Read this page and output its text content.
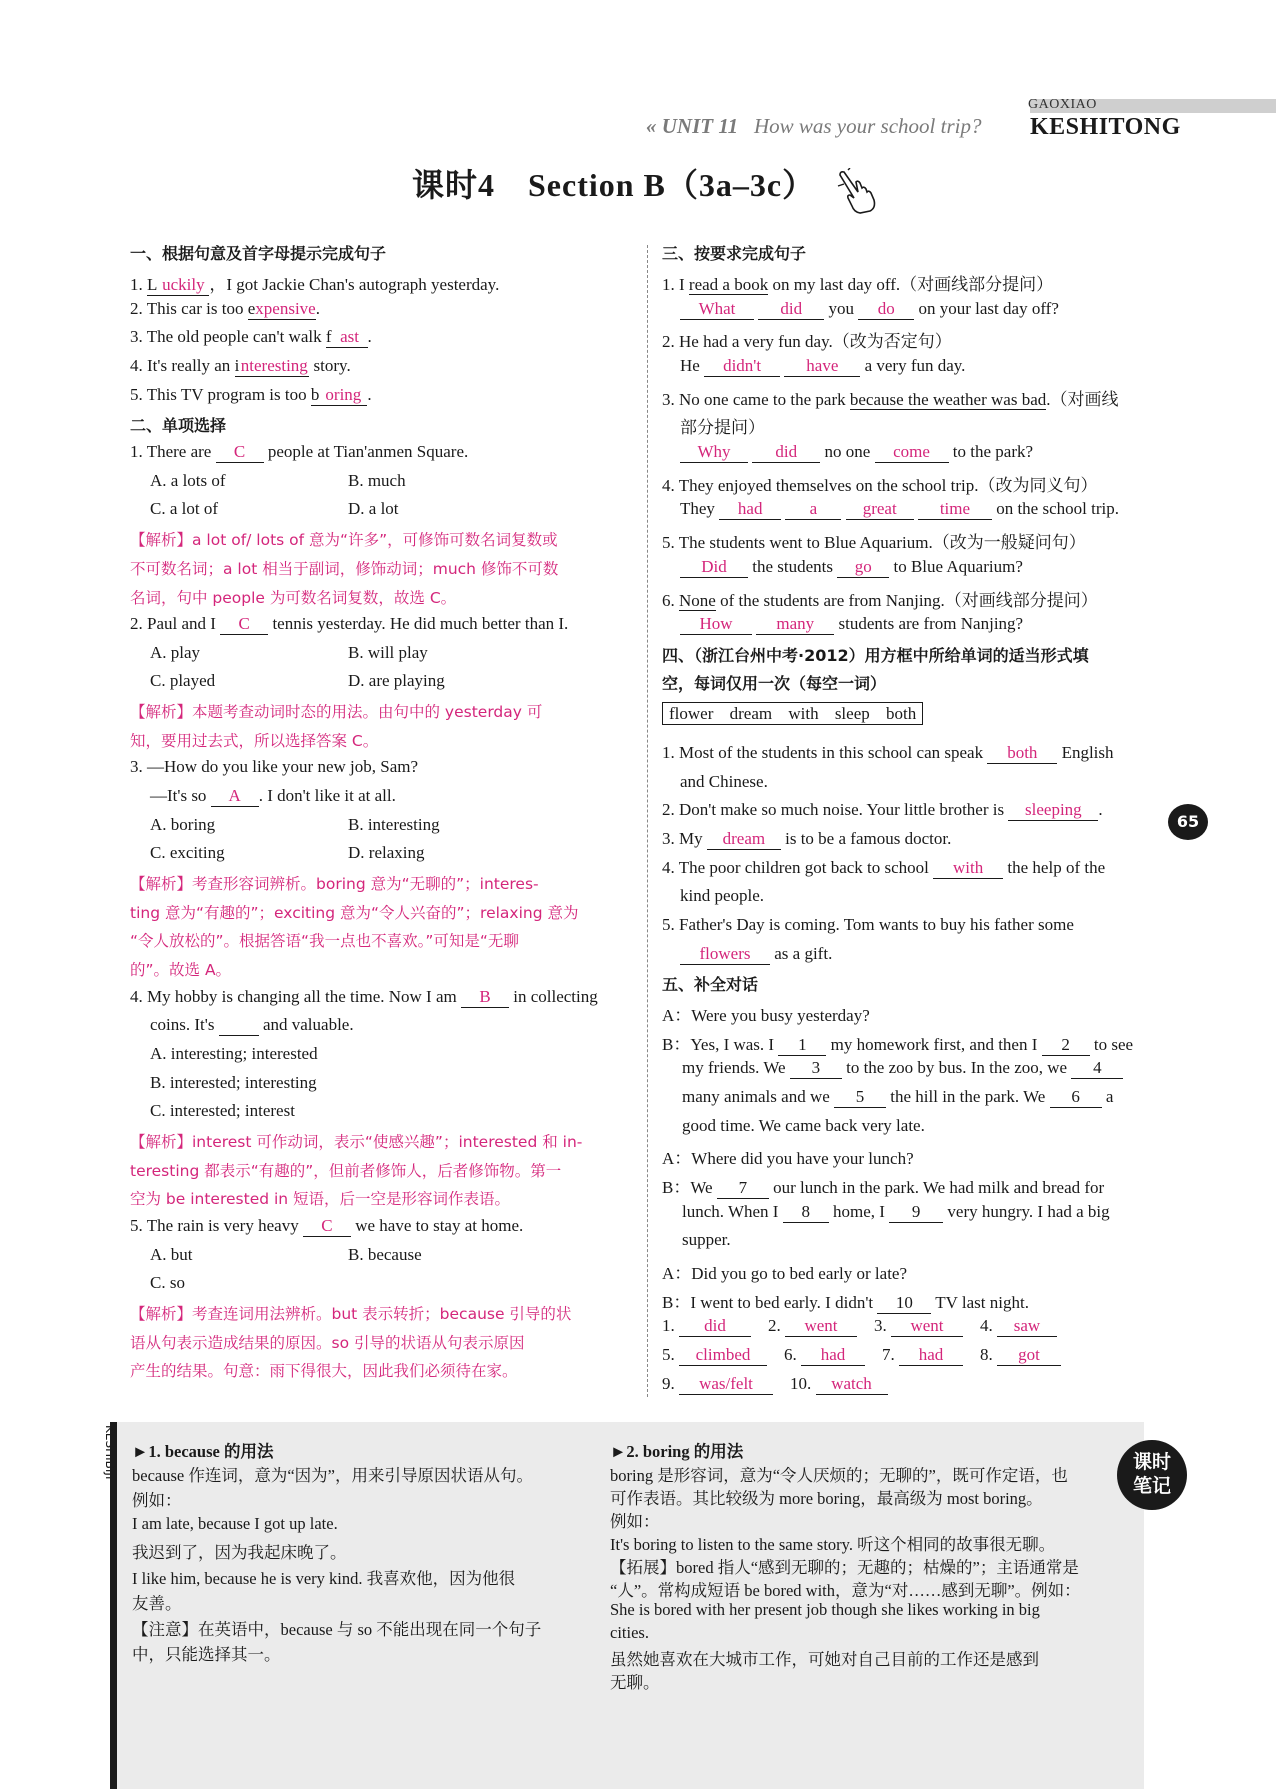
GAOXIAO
« UNIT 11 How was your school trip? KESHITONG
课时4　Section B（3a–3c）
一、根据句意及首字母提示完成句子
1. L uckily ，I got Jackie Chan's autograph yesterday.
2. This car is too expensive.
3. The old people can't walk f ast .
4. It's really an interesting story.
5. This TV program is too b oring .
二、单项选择
1. There are C people at Tian'anmen Square.
A. a lots of	B. much
C. a lot of	D. a lot
【解析】a lot of/ lots of 意为“许多”，可修饰可数名词复数或
不可数名词；a lot 相当于副词，修饰动词；much 修饰不可数
名词，句中 people 为可数名词复数，故选 C。
2. Paul and I C tennis yesterday. He did much better than I.
A. play	B. will play
C. played	D. are playing
【解析】本题考查动词时态的用法。由句中的 yesterday 可
知，要用过去式，所以选择答案 C。
3. —How do you like your new job, Sam?
—It's so A . I don't like it at all.
A. boring	B. interesting
C. exciting	D. relaxing
【解析】考查形容词辨析。boring 意为“无聊的”；interes-
ting 意为“有趣的”；exciting 意为“令人兴奋的”；relaxing 意为
“令人放松的”。根据答语“我一点也不喜欢。”可知是“无聊
的”。故选 A。
4. My hobby is changing all the time. Now I am B in collecting
coins. It's   and valuable.
A. interesting; interested
B. interested; interesting
C. interested; interest
【解析】interest 可作动词，表示“使感兴趣”；interested 和 in-
teresting 都表示“有趣的”，但前者修饰人，后者修饰物。第一
空为 be interested in 短语，后一空是形容词作表语。
5. The rain is very heavy C we have to stay at home.
A. but	B. because
C. so
【解析】考查连词用法辨析。but 表示转折；because 引导的状
语从句表示造成结果的原因。so 引导的状语从句表示原因
产生的结果。句意：雨下得很大，因此我们必须待在家。
三、按要求完成句子
1. I read a book on my last day off.（对画线部分提问）
What	did you do on your last day off?
2. He had a very fun day.（改为否定句）
He didn't	have a very fun day.
3. No one came to the park because the weather was bad.（对画线
部分提问）
Why	did no one come to the park?
4. They enjoyed themselves on the school trip.（改为同义句）
They had	a	great	time on the school trip.
5. The students went to Blue Aquarium.（改为一般疑问句）
Did the students go to Blue Aquarium?
6. None of the students are from Nanjing.（对画线部分提问）
How	many students are from Nanjing?
四、（浙江台州中考·2012）用方框中所给单词的适当形式填
空，每词仅用一次（每空一词）
flower dream with sleep both
1. Most of the students in this school can speak both English
and Chinese.
2. Don't make so much noise. Your little brother is sleeping .
3. My dream is to be a famous doctor.
4. The poor children got back to school with the help of the
kind people.
5. Father's Day is coming. Tom wants to buy his father some
flowers as a gift.
五、补全对话
A：Were you busy yesterday?
B：Yes, I was. I 1 my homework first, and then I 2 to see
my friends. We 3 to the zoo by bus. In the zoo, we 4
many animals and we 5 the hill in the park. We 6 a
good time. We came back very late.
A：Where did you have your lunch?
B：We 7 our lunch in the park. We had milk and bread for
lunch. When I 8 home, I 9 very hungry. I had a big
supper.
A：Did you go to bed early or late?
B：I went to bed early. I didn't 10 TV last night.
1. did 2. went 3. went 4. saw
5. climbed 6. had 7. had 8. got
9. was/felt 10. watch
65
►1. because 的用法
because 作连词，意为“因为”，用来引导原因状语从句。
例如：
I am late, because I got up late.
我迟到了，因为我起床晚了。
I like him, because he is very kind. 我喜欢他，因为他很
友善。
【注意】在英语中，because 与 so 不能出现在同一个句子
中，只能选择其一。
►2. boring 的用法
boring 是形容词，意为“令人厌烦的；无聊的”，既可作定语，也
可作表语。其比较级为 more boring，最高级为 most boring。
例如：
It's boring to listen to the same story. 听这个相同的故事很无聊。
【拓展】bored 指人“感到无聊的；无趣的；枯燥的”；主语通常是
“人”。常构成短语 be bored with，意为“对……感到无聊”。例如：
She is bored with her present job though she likes working in big
cities.
虽然她喜欢在大城市工作，可她对自己目前的工作还是感到
无聊。
KESHIBIJI	课时
笔记
